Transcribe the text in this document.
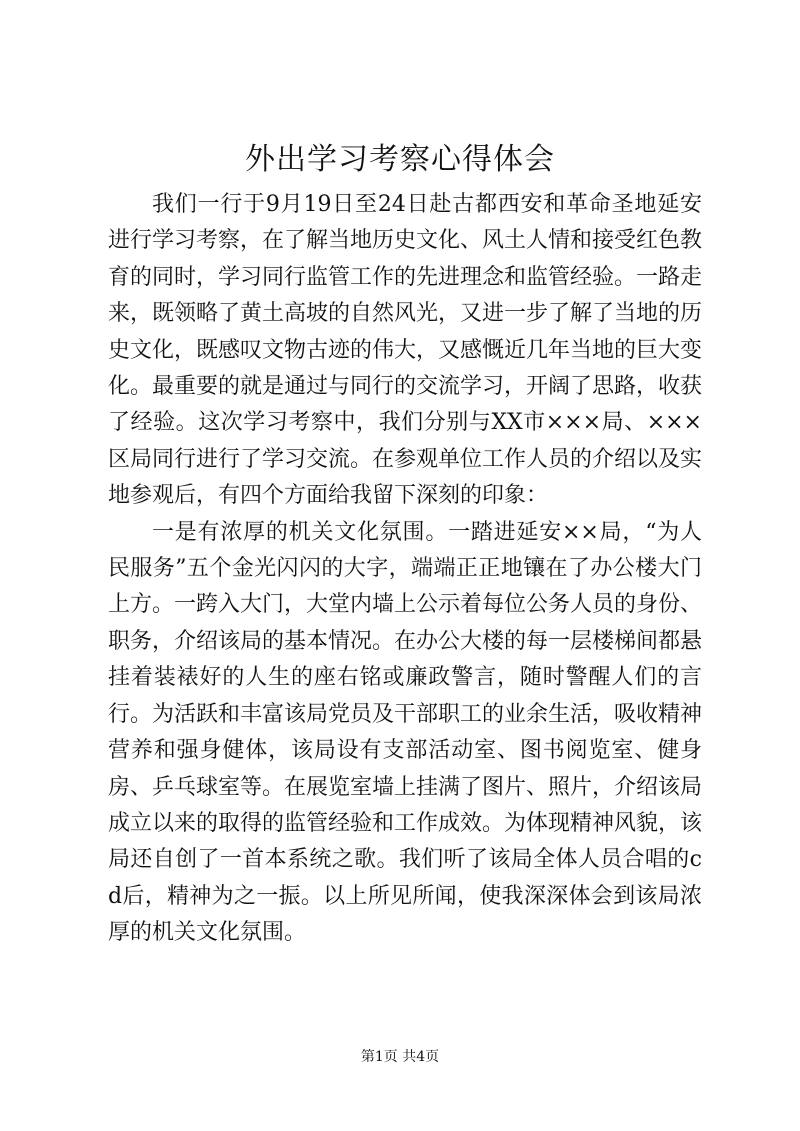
外出学习考察心得体会

我们一行于9月19日至24日赴古都西安和革命圣地延安进行学习考察，在了解当地历史文化、风土人情和接受红色教育的同时，学习同行监管工作的先进理念和监管经验。一路走来，既领略了黄土高坡的自然风光，又进一步了解了当地的历史文化，既感叹文物古迹的伟大，又感慨近几年当地的巨大变化。最重要的就是通过与同行的交流学习，开阔了思路，收获了经验。这次学习考察中，我们分别与XX市×××局、×××区局同行进行了学习交流。在参观单位工作人员的介绍以及实地参观后，有四个方面给我留下深刻的印象：

一是有浓厚的机关文化氛围。一踏进延安××局，“为人民服务”五个金光闪闪的大字，端端正正地镶在了办公楼大门上方。一跨入大门，大堂内墙上公示着每位公务人员的身份、职务，介绍该局的基本情况。在办公大楼的每一层楼梯间都悬挂着装裱好的人生的座右铭或廉政警言，随时警醒人们的言行。为活跃和丰富该局党员及干部职工的业余生活，吸收精神营养和强身健体，该局设有支部活动室、图书阅览室、健身房、乒乓球室等。在展览室墙上挂满了图片、照片，介绍该局成立以来的取得的监管经验和工作成效。为体现精神风貌，该局还自创了一首本系统之歌。我们听了该局全体人员合唱的cd后，精神为之一振。以上所见所闻，使我深深体会到该局浓厚的机关文化氛围。

第1页 共4页
